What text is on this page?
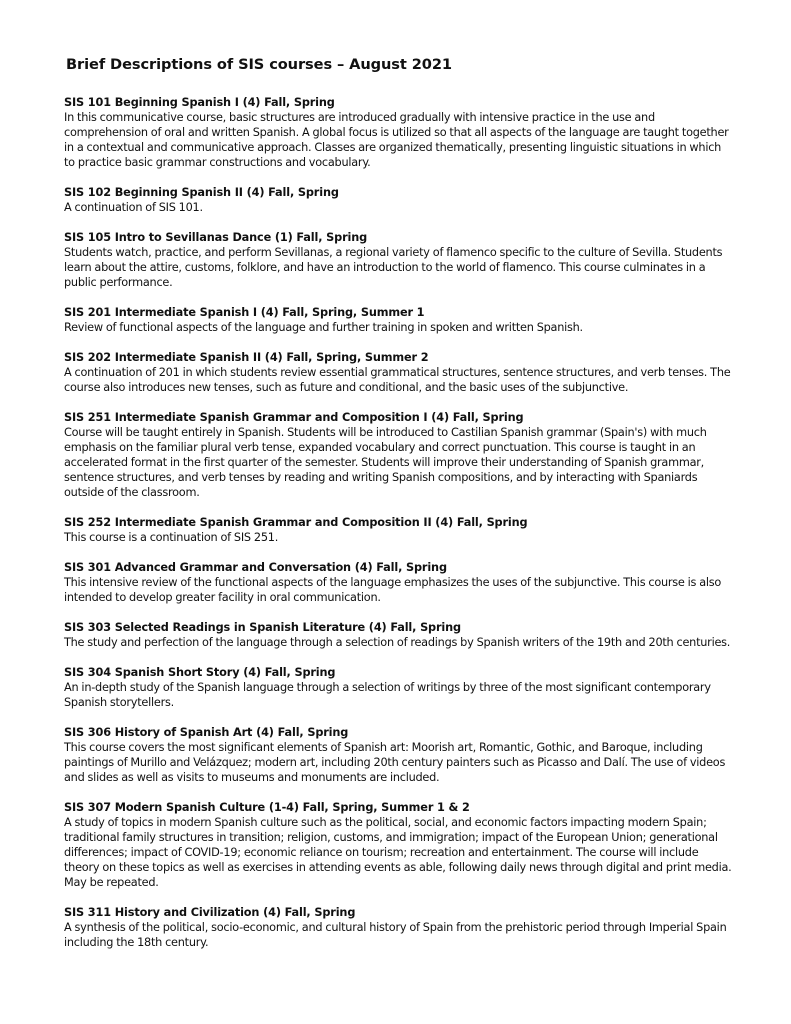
Brief Descriptions of SIS courses – August 2021
SIS 101 Beginning Spanish I (4) Fall, Spring
In this communicative course, basic structures are introduced gradually with intensive practice in the use and comprehension of oral and written Spanish. A global focus is utilized so that all aspects of the language are taught together in a contextual and communicative approach. Classes are organized thematically, presenting linguistic situations in which to practice basic grammar constructions and vocabulary.
SIS 102 Beginning Spanish II (4) Fall, Spring
A continuation of SIS 101.
SIS 105 Intro to Sevillanas Dance (1) Fall, Spring
Students watch, practice, and perform Sevillanas, a regional variety of flamenco specific to the culture of Sevilla. Students learn about the attire, customs, folklore, and have an introduction to the world of flamenco. This course culminates in a public performance.
SIS 201 Intermediate Spanish I (4) Fall, Spring, Summer 1
Review of functional aspects of the language and further training in spoken and written Spanish.
SIS 202 Intermediate Spanish II (4) Fall, Spring, Summer 2
A continuation of 201 in which students review essential grammatical structures, sentence structures, and verb tenses. The course also introduces new tenses, such as future and conditional, and the basic uses of the subjunctive.
SIS 251 Intermediate Spanish Grammar and Composition I (4) Fall, Spring
Course will be taught entirely in Spanish. Students will be introduced to Castilian Spanish grammar (Spain's) with much emphasis on the familiar plural verb tense, expanded vocabulary and correct punctuation. This course is taught in an accelerated format in the first quarter of the semester. Students will improve their understanding of Spanish grammar, sentence structures, and verb tenses by reading and writing Spanish compositions, and by interacting with Spaniards outside of the classroom.
SIS 252 Intermediate Spanish Grammar and Composition II (4) Fall, Spring
This course is a continuation of SIS 251.
SIS 301 Advanced Grammar and Conversation (4) Fall, Spring
This intensive review of the functional aspects of the language emphasizes the uses of the subjunctive. This course is also intended to develop greater facility in oral communication.
SIS 303 Selected Readings in Spanish Literature (4) Fall, Spring
The study and perfection of the language through a selection of readings by Spanish writers of the 19th and 20th centuries.
SIS 304 Spanish Short Story (4) Fall, Spring
An in-depth study of the Spanish language through a selection of writings by three of the most significant contemporary Spanish storytellers.
SIS 306 History of Spanish Art (4) Fall, Spring
This course covers the most significant elements of Spanish art: Moorish art, Romantic, Gothic, and Baroque, including paintings of Murillo and Velázquez; modern art, including 20th century painters such as Picasso and Dalí. The use of videos and slides as well as visits to museums and monuments are included.
SIS 307 Modern Spanish Culture (1-4) Fall, Spring, Summer 1 & 2
A study of topics in modern Spanish culture such as the political, social, and economic factors impacting modern Spain; traditional family structures in transition; religion, customs, and immigration; impact of the European Union; generational differences; impact of COVID-19; economic reliance on tourism; recreation and entertainment. The course will include theory on these topics as well as exercises in attending events as able, following daily news through digital and print media. May be repeated.
SIS 311 History and Civilization (4) Fall, Spring
A synthesis of the political, socio-economic, and cultural history of Spain from the prehistoric period through Imperial Spain including the 18th century.
